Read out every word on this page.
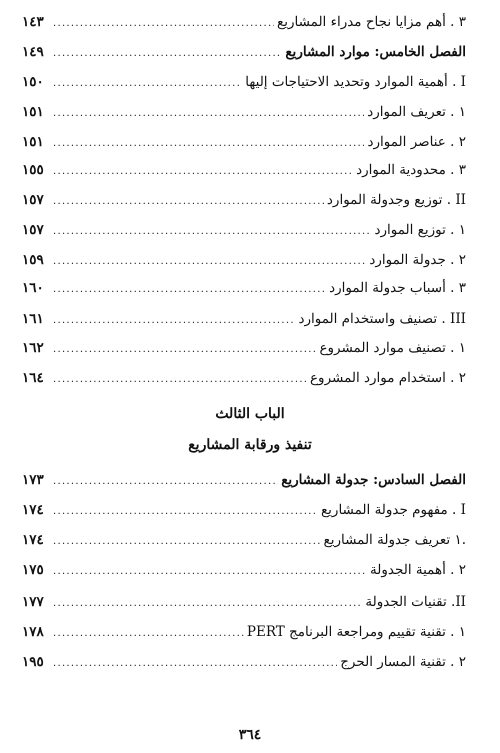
٣ . أهم مزايا نجاح مدراء المشاريع
.....
١٤٣
الفصل الخامس: موارد المشاريع
.....
١٤٩
I . أهمية الموارد وتحديد الاحتياجات إليها
.....
١٥٠
١ . تعريف الموارد
.....
١٥١
٢ . عناصر الموارد
.....
١٥١
٣ . محدودية الموارد
.....
١٥٥
II . توزيع وجدولة الموارد
.....
١٥٧
١ . توزيع الموارد
.....
١٥٧
٢ . جدولة الموارد
.....
١٥٩
٣ . أسباب جدولة الموارد
.....
١٦٠
III . تصنيف واستخدام الموارد
.....
١٦١
١ . تصنيف موارد المشروع
.....
١٦٢
٢ . استخدام موارد المشروع
.....
١٦٤
الباب الثالث
تنفيذ ورقابة المشاريع
الفصل السادس: جدولة المشاريع
.....
١٧٣
I . مفهوم جدولة المشاريع
.....
١٧٤
.١ تعريف جدولة المشاريع
.....
١٧٤
٢ . أهمية الجدولة
.....
١٧٥
II. تقنيات الجدولة
.....
١٧٧
١ . تقنية تقييم ومراجعة البرنامج PERT
.....
١٧٨
٢ . تقنية المسار الحرج
.....
١٩٥
٣٦٤
